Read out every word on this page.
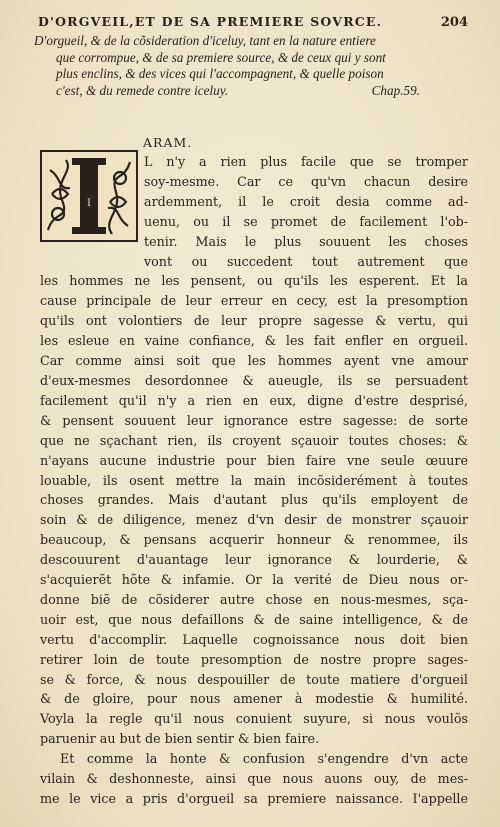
D'ORGVEIL,ET DE SA PREMIERE SOVRCE.	204
D'orgueil, & de la cõsideration d'iceluy, tant en la nature entiere
que corrompue, & de sa premiere source, & de ceux qui y sont
plus enclins, & des vices qui l'accompagnent, & quelle poison
c'est, & du remede contre iceluy.	Chap.59.
ARAM.
I
L n'y a rien plus facile que se tromper
soy-mesme. Car ce qu'vn chacun desire
ardemment, il le croit desia comme ad-
uenu, ou il se promet de facilement l'ob-
tenir. Mais le plus souuent les choses
vont ou succedent tout autrement que
les hommes ne les pensent, ou qu'ils les esperent. Et la
cause principale de leur erreur en cecy, est la presomption
qu'ils ont volontiers de leur propre sagesse & vertu, qui
les esleue en vaine confiance, & les fait enfler en orgueil.
Car comme ainsi soit que les hommes ayent vne amour
d'eux-mesmes desordonnee & aueugle, ils se persuadent
facilement qu'il n'y a rien en eux, digne d'estre desprisé,
& pensent souuent leur ignorance estre sagesse: de sorte
que ne sçachant rien, ils croyent sçauoir toutes choses: &
n'ayans aucune industrie pour bien faire vne seule œuure
louable, ils osent mettre la main incõsiderément à toutes
choses grandes. Mais d'autant plus qu'ils employent de
soin & de diligence, menez d'vn desir de monstrer sçauoir
beaucoup, & pensans acquerir honneur & renommee, ils
descouurent d'auantage leur ignorance & lourderie, &
s'acquierẽt hõte & infamie. Or la verité de Dieu nous or-
donne biẽ de cõsiderer autre chose en nous-mesmes, sça-
uoir est, que nous defaillons & de saine intelligence, & de
vertu d'accomplir. Laquelle cognoissance nous doit bien
retirer loin de toute presomption de nostre propre sages-
se & force, & nous despouiller de toute matiere d'orgueil
& de gloire, pour nous amener à modestie & humilité.
Voyla la regle qu'il nous conuient suyure, si nous voulõs
paruenir au but de bien sentir & bien faire.
Et comme la honte & confusion s'engendre d'vn acte
vilain & deshonneste, ainsi que nous auons ouy, de mes-
me le vice a pris d'orgueil sa premiere naissance. I'appelle
